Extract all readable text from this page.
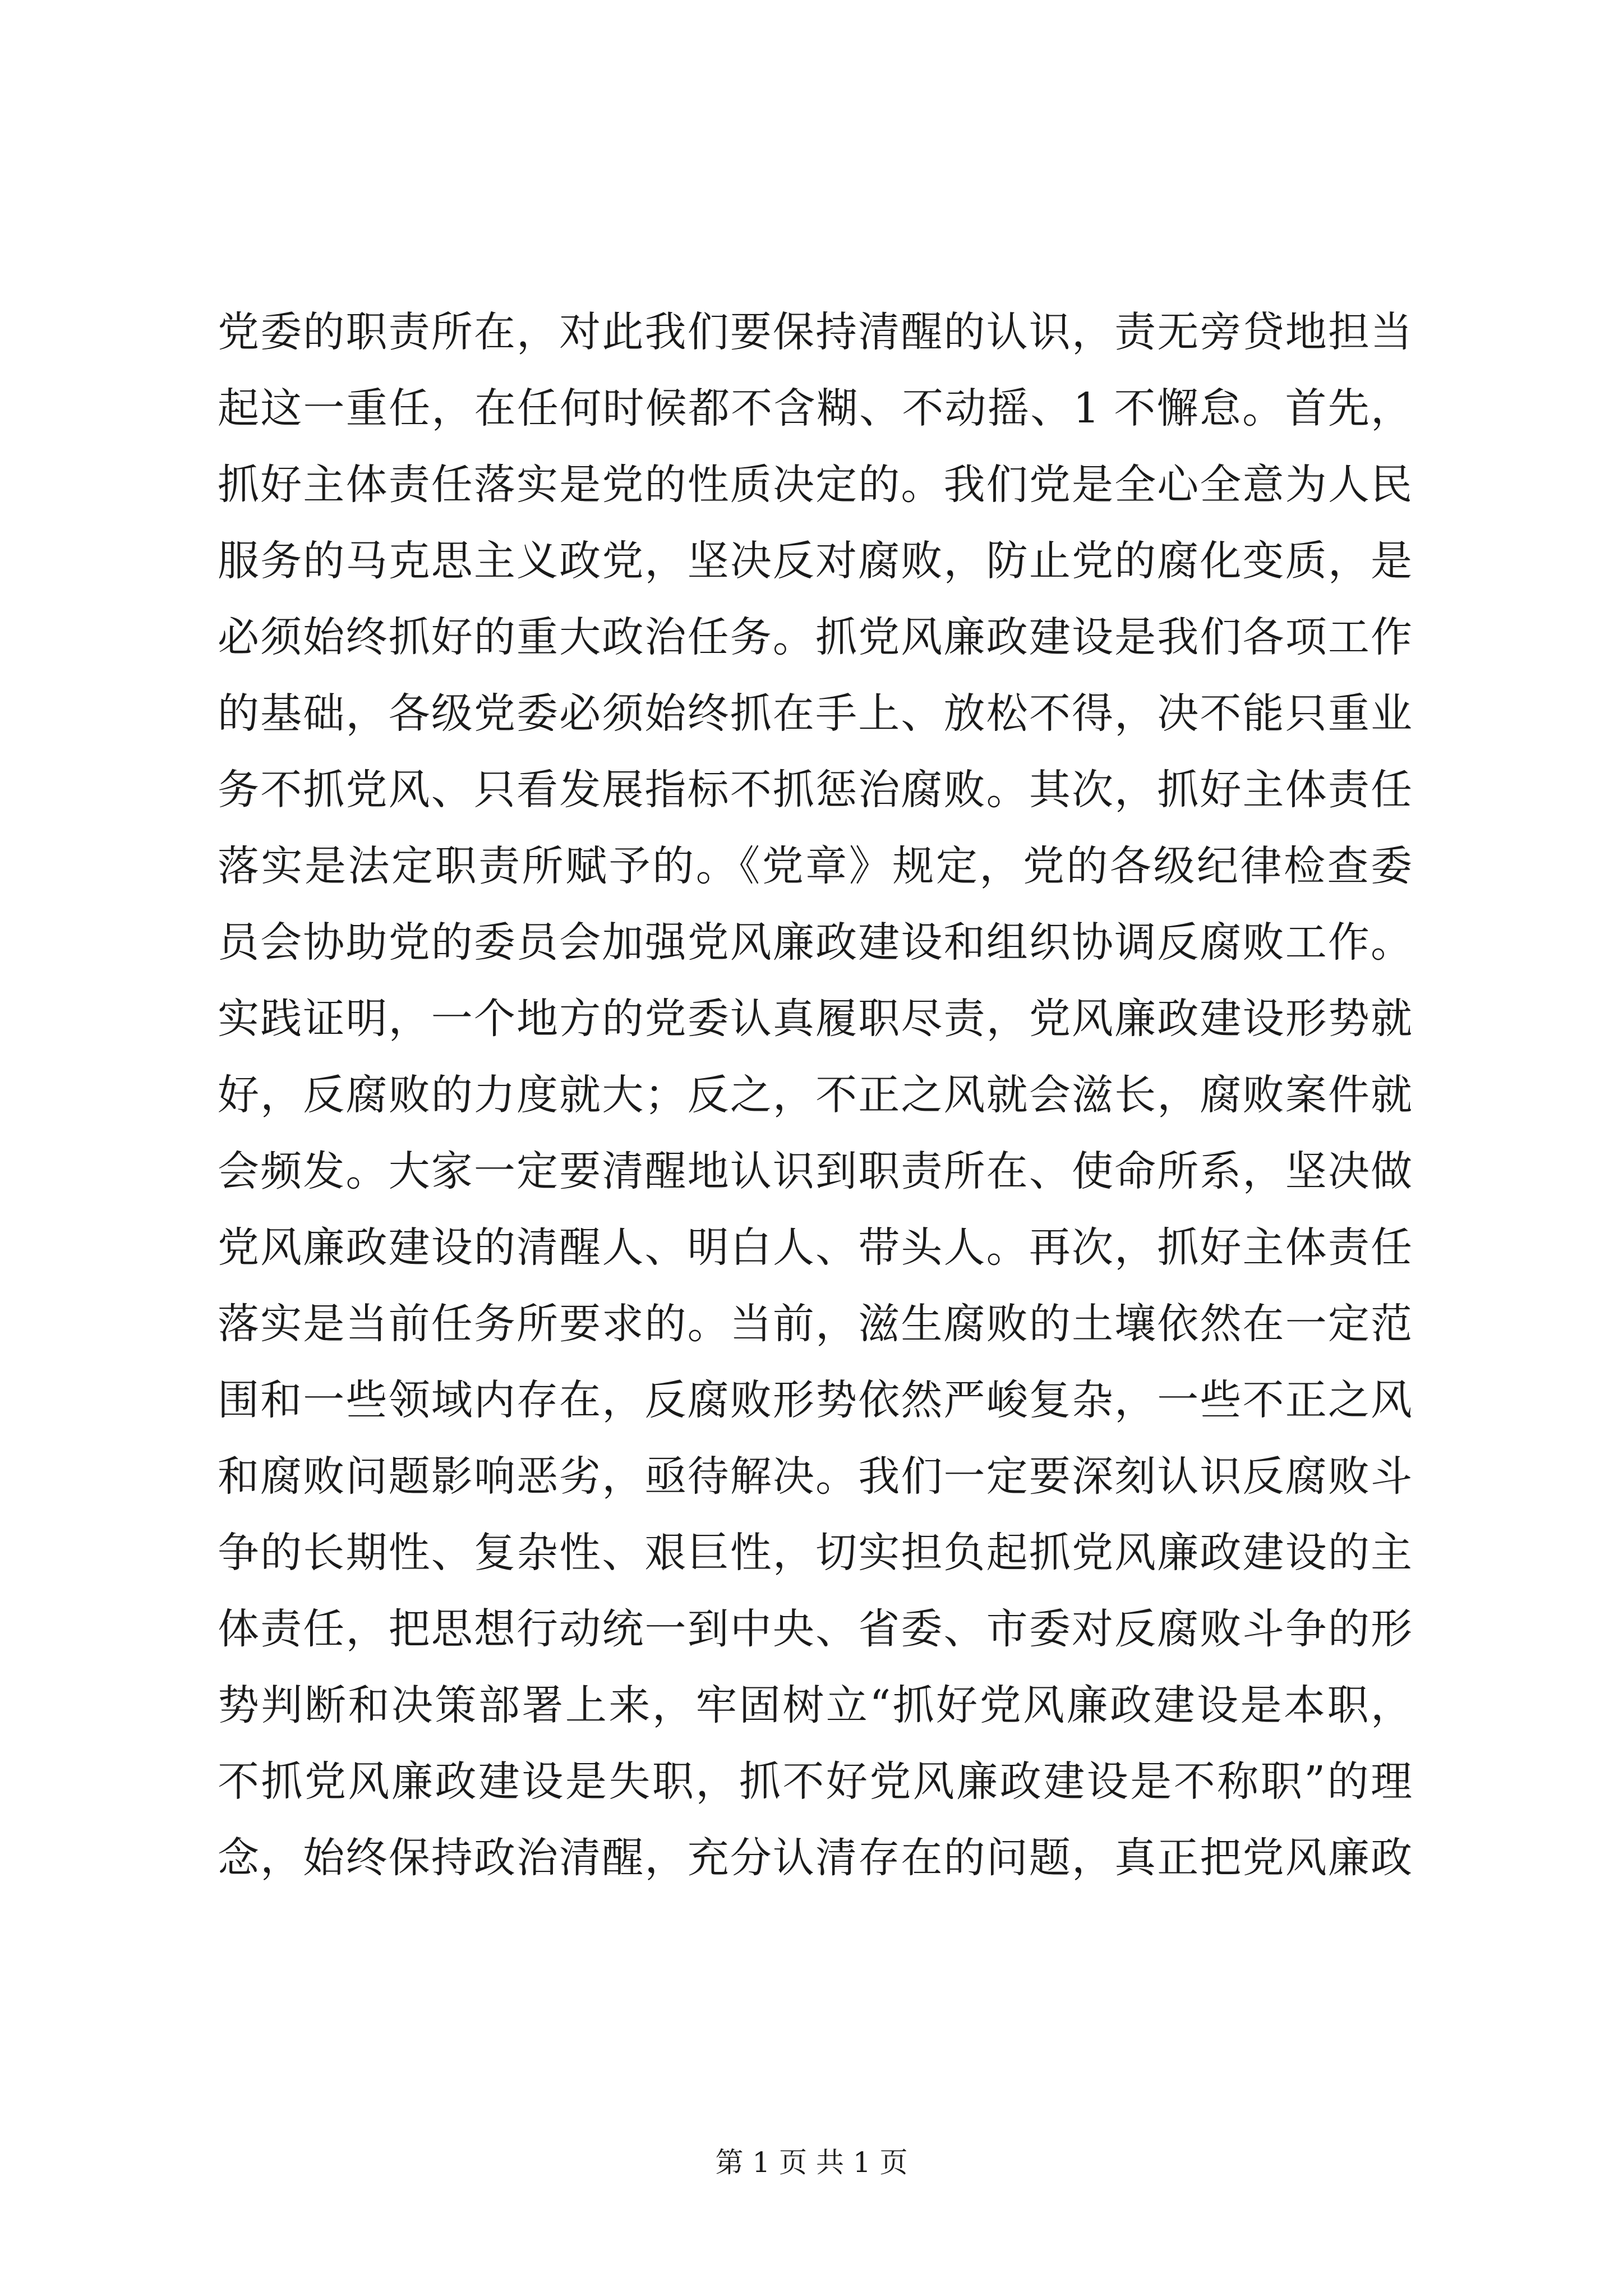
党委的职责所在，对此我们要保持清醒的认识，责无旁贷地担当
起这一重任，在任何时候都不含糊、不动摇、1 不懈怠。首先，
抓好主体责任落实是党的性质决定的。我们党是全心全意为人民
服务的马克思主义政党，坚决反对腐败，防止党的腐化变质，是
必须始终抓好的重大政治任务。抓党风廉政建设是我们各项工作
的基础，各级党委必须始终抓在手上、放松不得，决不能只重业
务不抓党风、只看发展指标不抓惩治腐败。其次，抓好主体责任
落实是法定职责所赋予的。《党章》规定，党的各级纪律检查委
员会协助党的委员会加强党风廉政建设和组织协调反腐败工作。
实践证明，一个地方的党委认真履职尽责，党风廉政建设形势就
好，反腐败的力度就大；反之，不正之风就会滋长，腐败案件就
会频发。大家一定要清醒地认识到职责所在、使命所系，坚决做
党风廉政建设的清醒人、明白人、带头人。再次，抓好主体责任
落实是当前任务所要求的。当前，滋生腐败的土壤依然在一定范
围和一些领域内存在，反腐败形势依然严峻复杂，一些不正之风
和腐败问题影响恶劣，亟待解决。我们一定要深刻认识反腐败斗
争的长期性、复杂性、艰巨性，切实担负起抓党风廉政建设的主
体责任，把思想行动统一到中央、省委、市委对反腐败斗争的形
势判断和决策部署上来，牢固树立“抓好党风廉政建设是本职，
不抓党风廉政建设是失职，抓不好党风廉政建设是不称职”的理
念，始终保持政治清醒，充分认清存在的问题，真正把党风廉政
第 1 页 共 1 页
